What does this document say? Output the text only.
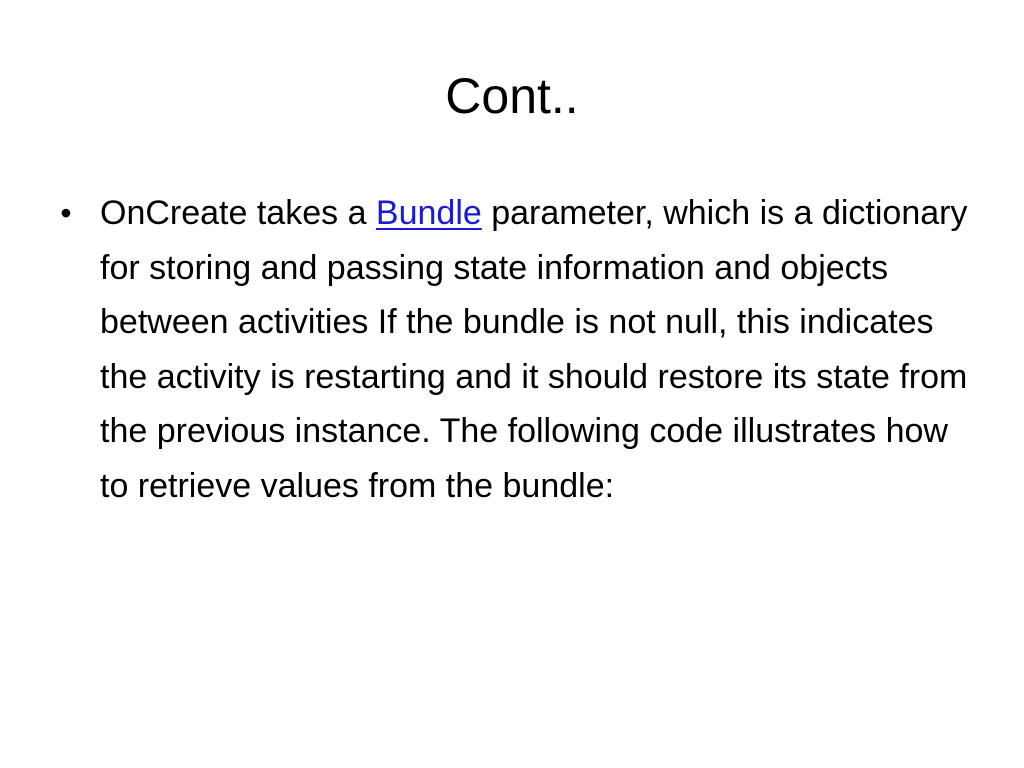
Cont..
• OnCreate takes a Bundle parameter, which is a dictionary for storing and passing state information and objects between activities If the bundle is not null, this indicates the activity is restarting and it should restore its state from the previous instance. The following code illustrates how to retrieve values from the bundle:
